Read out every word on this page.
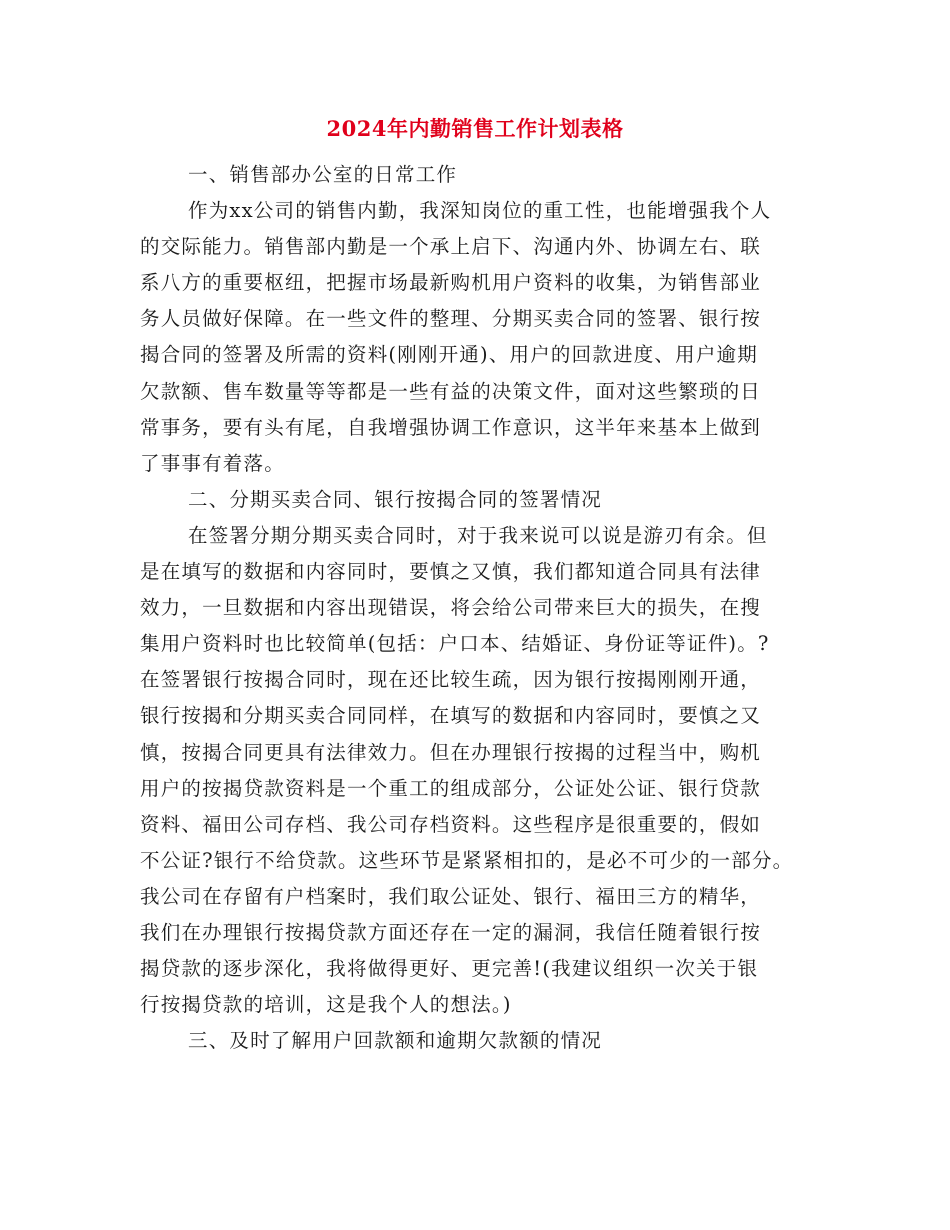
2024年内勤销售工作计划表格
一、销售部办公室的日常工作
作为xx公司的销售内勤，我深知岗位的重工性，也能增强我个人
的交际能力。销售部内勤是一个承上启下、沟通内外、协调左右、联
系八方的重要枢纽，把握市场最新购机用户资料的收集，为销售部业
务人员做好保障。在一些文件的整理、分期买卖合同的签署、银行按
揭合同的签署及所需的资料(刚刚开通)、用户的回款进度、用户逾期
欠款额、售车数量等等都是一些有益的决策文件，面对这些繁琐的日
常事务，要有头有尾，自我增强协调工作意识，这半年来基本上做到
了事事有着落。
二、分期买卖合同、银行按揭合同的签署情况
在签署分期分期买卖合同时，对于我来说可以说是游刃有余。但
是在填写的数据和内容同时，要慎之又慎，我们都知道合同具有法律
效力，一旦数据和内容出现错误，将会给公司带来巨大的损失，在搜
集用户资料时也比较简单(包括：户口本、结婚证、身份证等证件)。?
在签署银行按揭合同时，现在还比较生疏，因为银行按揭刚刚开通，
银行按揭和分期买卖合同同样，在填写的数据和内容同时，要慎之又
慎，按揭合同更具有法律效力。但在办理银行按揭的过程当中，购机
用户的按揭贷款资料是一个重工的组成部分，公证处公证、银行贷款
资料、福田公司存档、我公司存档资料。这些程序是很重要的，假如
不公证?银行不给贷款。这些环节是紧紧相扣的，是必不可少的一部分。
我公司在存留有户档案时，我们取公证处、银行、福田三方的精华，
我们在办理银行按揭贷款方面还存在一定的漏洞，我信任随着银行按
揭贷款的逐步深化，我将做得更好、更完善!(我建议组织一次关于银
行按揭贷款的培训，这是我个人的想法。)
三、及时了解用户回款额和逾期欠款额的情况
